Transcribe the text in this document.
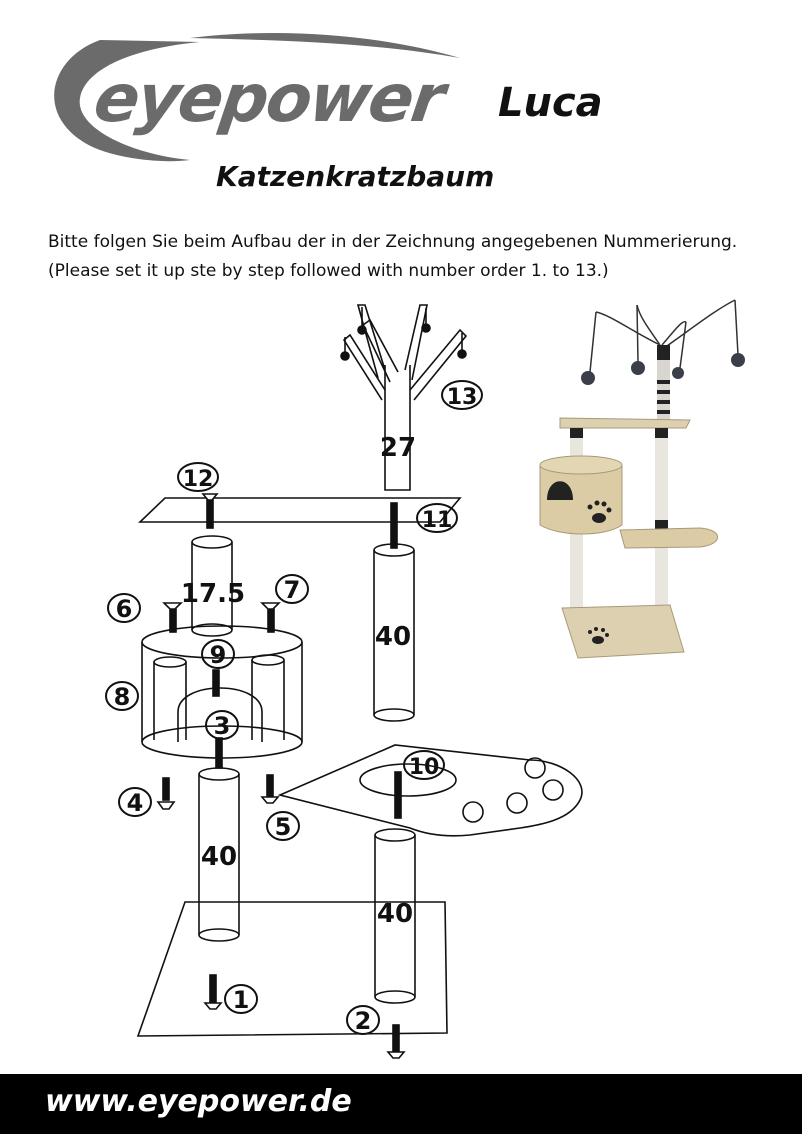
eyepower Luca
Katzenkratzbaum
Bitte folgen Sie beim Aufbau der in der Zeichnung angegebenen Nummerierung.
(Please set it up ste by step followed with number order 1. to 13.)
1
2
3
4
5
6
7
8
9
10
11
12
13
27
17.5
40
40
40
www.eyepower.de
